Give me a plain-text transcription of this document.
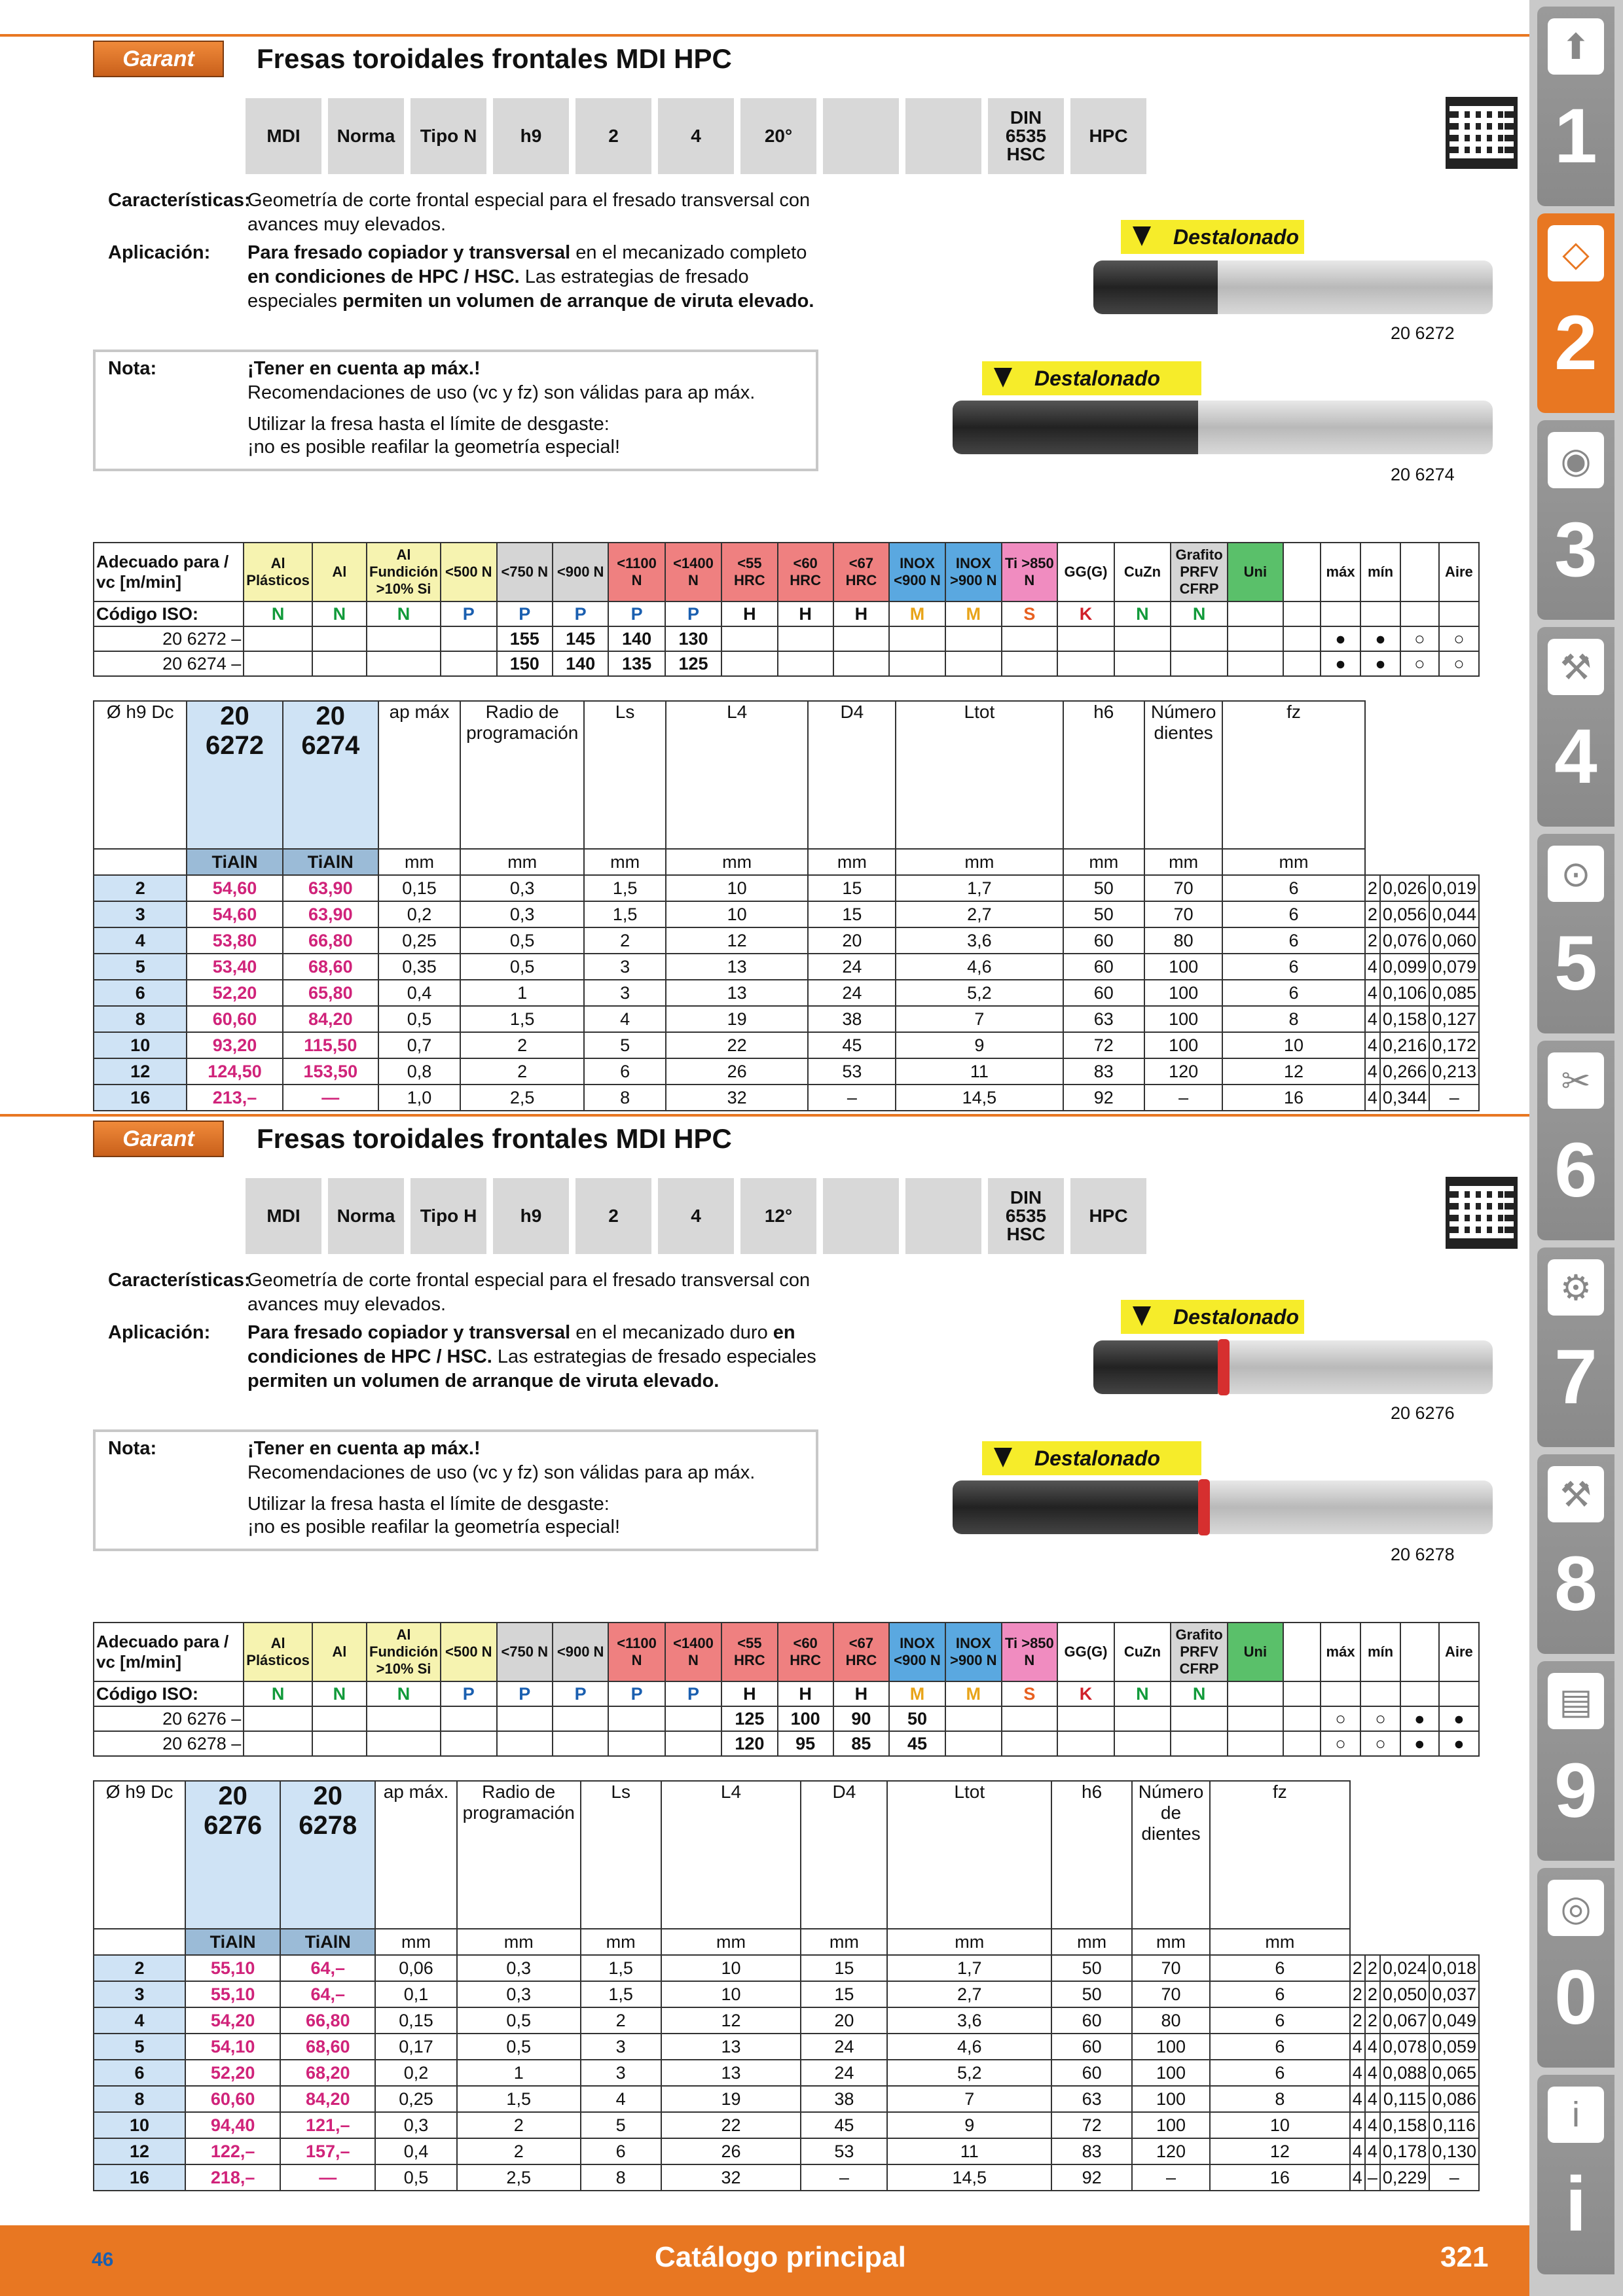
⬆
1
◇
2
◉
3
⚒
4
⊙
5
✂
6
⚙
7
⚒
8
▤
9
◎
0
i
i
Garant	Fresas toroidales frontales MDI HPC
MDI Norma Tipo N h9	2	4	20°
DIN 6535 HSC
HPC
Características:
Geometría de corte frontal especial para el fresado transversal con avances muy elevados.
Aplicación: Para fresado copiador y transversal en el mecanizado completo en condiciones de HPC / HSC. Las estrategias de fresado especiales permiten un volumen de arranque de viruta elevado.
Nota:	¡Tener en cuenta ap máx.!
Recomendaciones de uso (vc y fz) son válidas para ap máx.
Utilizar la fresa hasta el límite de desgaste:
¡no es posible reafilar la geometría especial!
Destalonado
20 6272
Destalonado
20 6274
Adecuado para / vc [m/min]	Al Plásticos	Al	Al Fundición >10% Si	<500 N	<750 N	<900 N	<1100 N	<1400 N	<55 HRC	<60 HRC	<67 HRC	INOX <900 N	INOX >900 N	Ti >850 N	GG(G)	CuZn	Grafito PRFV CFRP	Uni		máx	mín		Aire
Código ISO:	N	N	N	P	P	P	P	P	H	H	H	M	M	S	K	N	N						
20 6272 –					155	145	140	130												●	●	○	○
20 6274 –					150	140	135	125												●	●	○	○
Ø h9 Dc	20 6272	20 6274	ap máx	Radio de programación	Ls	L4	D4	Ltot	h6	Número dientes	fz			
	TiAlN	TiAlN	mm	mm	mm	mm	mm	mm	mm	mm	mm			
2	54,60	63,90	0,15	0,3	1,5	10	15	1,7	50	70	6	2	0,026	0,019
3	54,60	63,90	0,2	0,3	1,5	10	15	2,7	50	70	6	2	0,056	0,044
4	53,80	66,80	0,25	0,5	2	12	20	3,6	60	80	6	2	0,076	0,060
5	53,40	68,60	0,35	0,5	3	13	24	4,6	60	100	6	4	0,099	0,079
6	52,20	65,80	0,4	1	3	13	24	5,2	60	100	6	4	0,106	0,085
8	60,60	84,20	0,5	1,5	4	19	38	7	63	100	8	4	0,158	0,127
10	93,20	115,50	0,7	2	5	22	45	9	72	100	10	4	0,216	0,172
12	124,50	153,50	0,8	2	6	26	53	11	83	120	12	4	0,266	0,213
16	213,–	—	1,0	2,5	8	32	–	14,5	92	–	16	4	0,344	–
Garant	Fresas toroidales frontales MDI HPC
MDI Norma Tipo H h9	2	4	12°
DIN 6535 HSC
HPC
Características:
Geometría de corte frontal especial para el fresado transversal con avances muy elevados.
Aplicación: Para fresado copiador y transversal en el mecanizado duro en condiciones de HPC / HSC. Las estrategias de fresado especiales permiten un volumen de arranque de viruta elevado.
Nota:	¡Tener en cuenta ap máx.!
Recomendaciones de uso (vc y fz) son válidas para ap máx.
Utilizar la fresa hasta el límite de desgaste:
¡no es posible reafilar la geometría especial!
Destalonado
20 6276
Destalonado
20 6278
Adecuado para / vc [m/min]	Al Plásticos	Al	Al Fundición >10% Si	<500 N	<750 N	<900 N	<1100 N	<1400 N	<55 HRC	<60 HRC	<67 HRC	INOX <900 N	INOX >900 N	Ti >850 N	GG(G)	CuZn	Grafito PRFV CFRP	Uni		máx	mín		Aire
Código ISO:	N	N	N	P	P	P	P	P	H	H	H	M	M	S	K	N	N						
20 6276 –									125	100	90	50								○	○	●	●
20 6278 –									120	95	85	45								○	○	●	●
Ø h9 Dc	20 6276	20 6278	ap máx.	Radio de programación	Ls	L4	D4	Ltot	h6	Número de dientes	fz				
	TiAlN	TiAlN	mm	mm	mm	mm	mm	mm	mm	mm	mm				
2	55,10	64,–	0,06	0,3	1,5	10	15	1,7	50	70	6	2	2	0,024	0,018
3	55,10	64,–	0,1	0,3	1,5	10	15	2,7	50	70	6	2	2	0,050	0,037
4	54,20	66,80	0,15	0,5	2	12	20	3,6	60	80	6	2	2	0,067	0,049
5	54,10	68,60	0,17	0,5	3	13	24	4,6	60	100	6	4	4	0,078	0,059
6	52,20	68,20	0,2	1	3	13	24	5,2	60	100	6	4	4	0,088	0,065
8	60,60	84,20	0,25	1,5	4	19	38	7	63	100	8	4	4	0,115	0,086
10	94,40	121,–	0,3	2	5	22	45	9	72	100	10	4	4	0,158	0,116
12	122,–	157,–	0,4	2	6	26	53	11	83	120	12	4	4	0,178	0,130
16	218,–	—	0,5	2,5	8	32	–	14,5	92	–	16	4	–	0,229	–
46	Catálogo principal	321
